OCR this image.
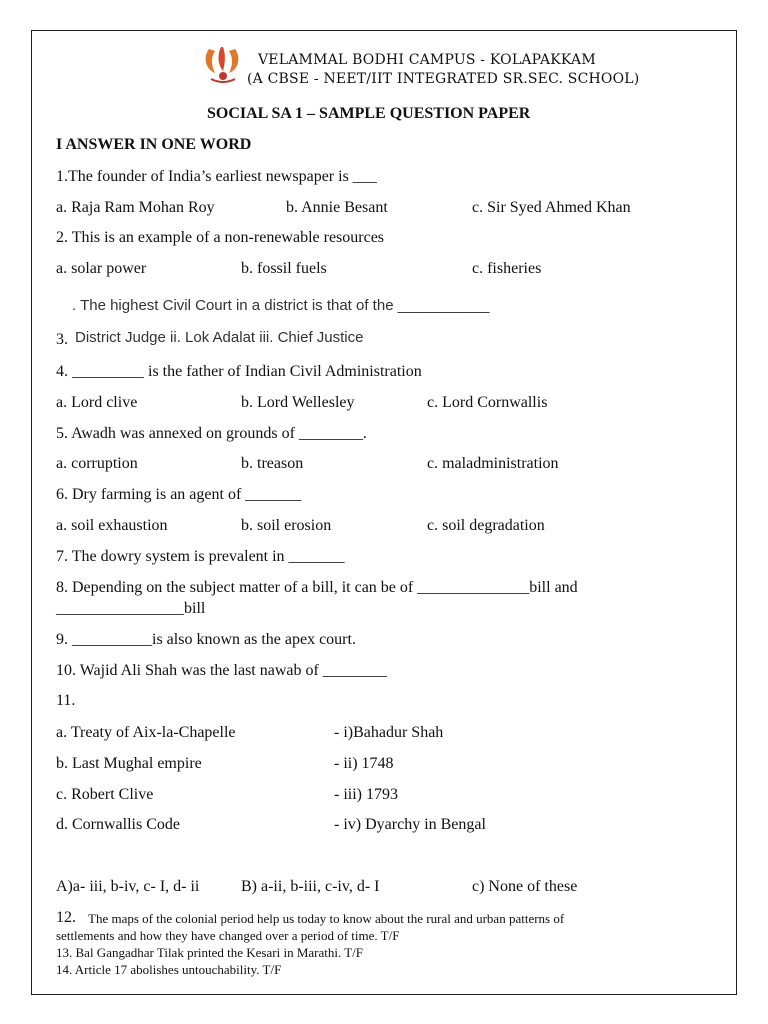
VELAMMAL BODHI CAMPUS - KOLAPAKKAM
(A CBSE - NEET/IIT INTEGRATED SR.SEC. SCHOOL)
SOCIAL SA 1 – SAMPLE QUESTION PAPER
I ANSWER IN ONE WORD
1.The founder of India’s earliest newspaper is ___
a. Raja Ram Mohan Roy	b. Annie Besant	c. Sir Syed Ahmed Khan
2. This is an example of a non-renewable resources
a. solar power	b. fossil fuels	c. fisheries
. The highest Civil Court in a district is that of the ___________
3. District Judge ii. Lok Adalat iii. Chief Justice
4. _________ is the father of Indian Civil Administration
a. Lord clive	b. Lord Wellesley	c. Lord Cornwallis
5. Awadh was annexed on grounds of ________.
a. corruption	b. treason	c. maladministration
6. Dry farming is an agent of _______
a. soil exhaustion	b. soil erosion	c. soil degradation
7. The dowry system is prevalent in _______
8. Depending on the subject matter of a bill, it can be of ______________bill and
________________bill
9. __________is also known as the apex court.
10. Wajid Ali Shah was the last nawab of ________
11.
a. Treaty of Aix-la-Chapelle	- i)Bahadur Shah
b. Last Mughal empire	- ii) 1748
c. Robert Clive	- iii) 1793
d. Cornwallis Code	- iv) Dyarchy in Bengal
A)a- iii, b-iv, c- I, d- ii	B) a-ii, b-iii, c-iv, d- I	c) None of these
12. The maps of the colonial period help us today to know about the rural and urban patterns of
settlements and how they have changed over a period of time. T/F
13. Bal Gangadhar Tilak printed the Kesari in Marathi. T/F
14. Article 17 abolishes untouchability. T/F
